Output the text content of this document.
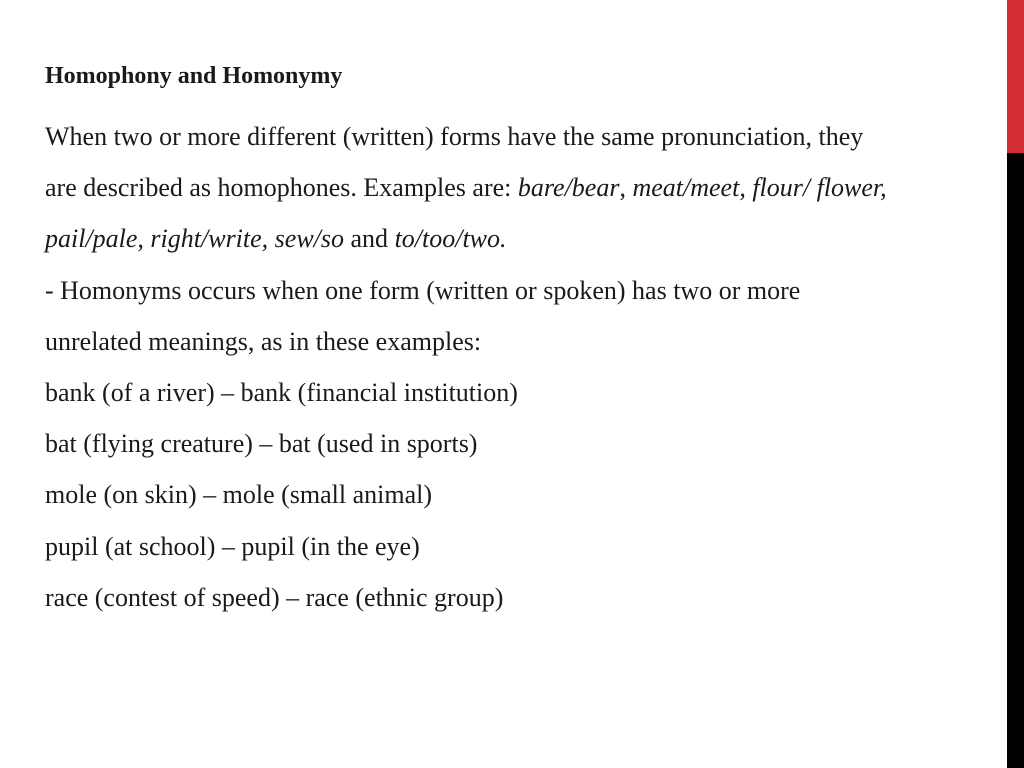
Homophony and Homonymy
When two or more different (written) forms have the same pronunciation, they
are described as homophones. Examples are: bare/bear, meat/meet, flour/ flower,
pail/pale, right/write, sew/so and to/too/two.
- Homonyms occurs when one form (written or spoken) has two or more
unrelated meanings, as in these examples:
bank (of a river) – bank (financial institution)
bat (flying creature) – bat (used in sports)
mole (on skin) – mole (small animal)
pupil (at school) – pupil (in the eye)
race (contest of speed) – race (ethnic group)
